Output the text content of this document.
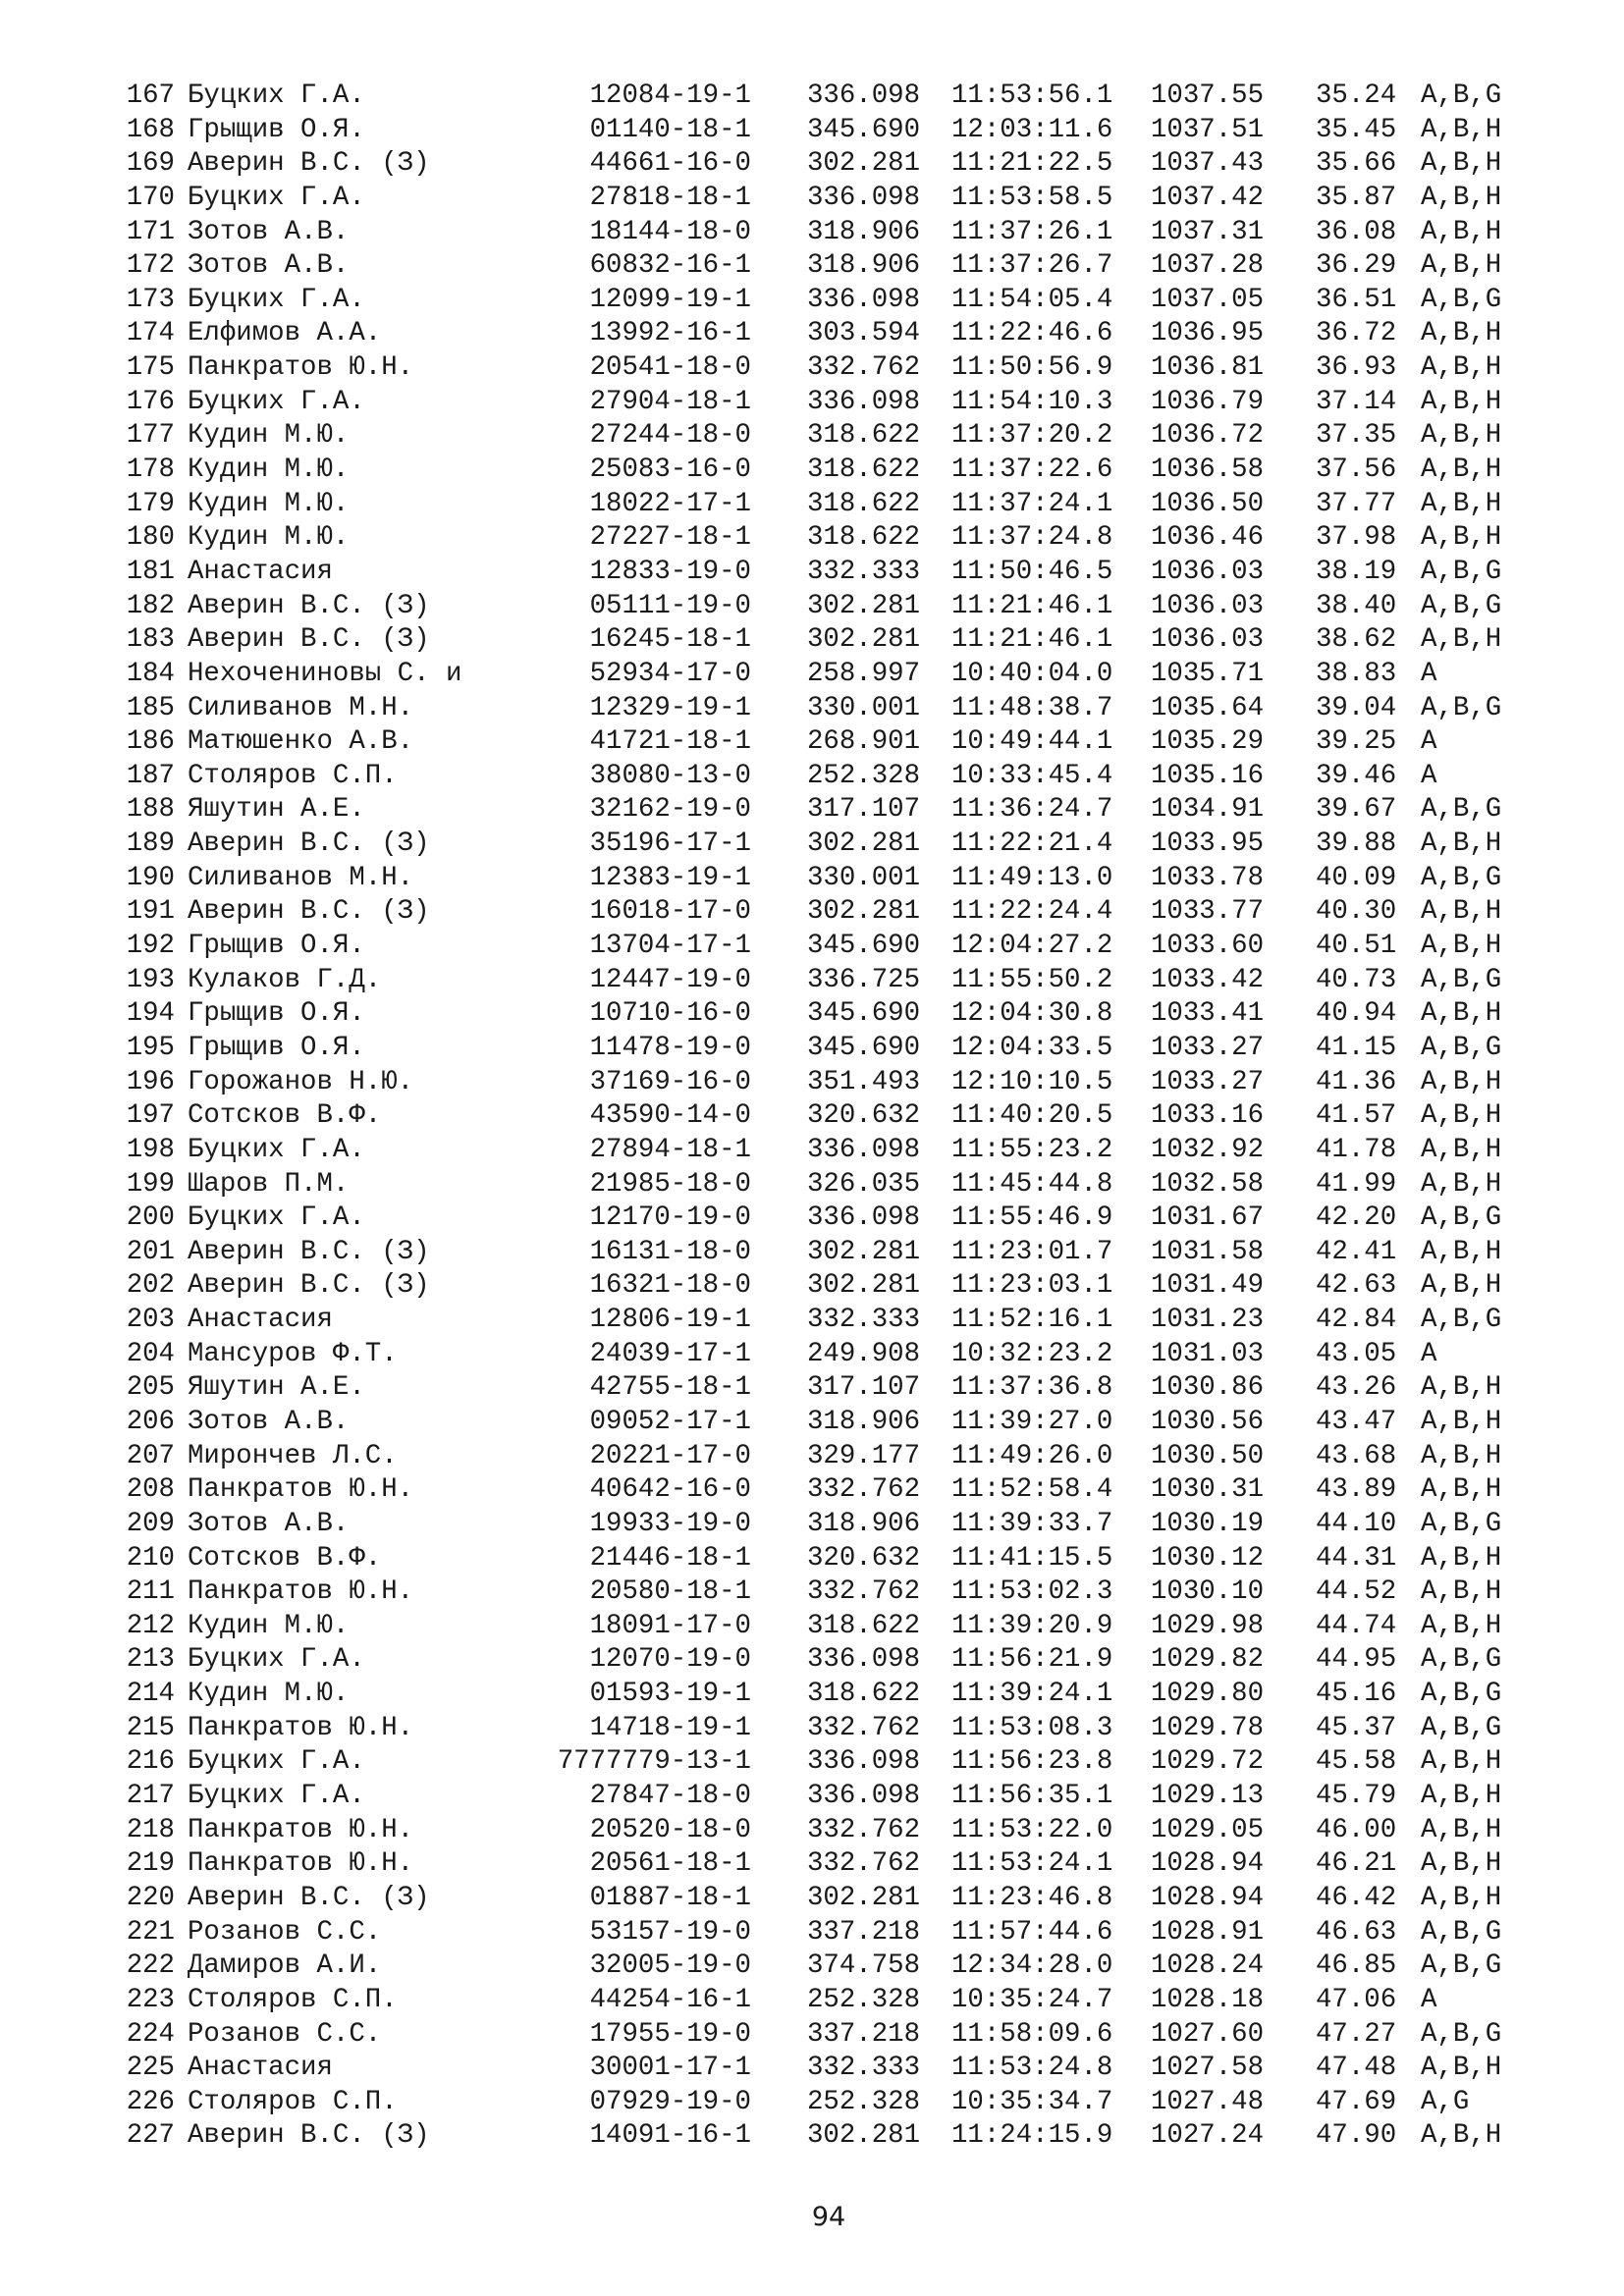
167 Буцких Г.А.	12084-19-1 336.098 11:53:56.1 1037.55 35.24 A,B,G
168 Грыщив О.Я.	01140-18-1 345.690 12:03:11.6 1037.51 35.45 A,B,H
169 Аверин В.С. (З)	44661-16-0 302.281 11:21:22.5 1037.43 35.66 A,B,H
170 Буцких Г.А.	27818-18-1 336.098 11:53:58.5 1037.42 35.87 A,B,H
171 Зотов А.В.	18144-18-0 318.906 11:37:26.1 1037.31 36.08 A,B,H
172 Зотов А.В.	60832-16-1 318.906 11:37:26.7 1037.28 36.29 A,B,H
173 Буцких Г.А.	12099-19-1 336.098 11:54:05.4 1037.05 36.51 A,B,G
174 Елфимов А.А.	13992-16-1 303.594 11:22:46.6 1036.95 36.72 A,B,H
175 Панкратов Ю.Н.	20541-18-0 332.762 11:50:56.9 1036.81 36.93 A,B,H
176 Буцких Г.А.	27904-18-1 336.098 11:54:10.3 1036.79 37.14 A,B,H
177 Кудин М.Ю.	27244-18-0 318.622 11:37:20.2 1036.72 37.35 A,B,H
178 Кудин М.Ю.	25083-16-0 318.622 11:37:22.6 1036.58 37.56 A,B,H
179 Кудин М.Ю.	18022-17-1 318.622 11:37:24.1 1036.50 37.77 A,B,H
180 Кудин М.Ю.	27227-18-1 318.622 11:37:24.8 1036.46 37.98 A,B,H
181 Анастасия	12833-19-0 332.333 11:50:46.5 1036.03 38.19 A,B,G
182 Аверин В.С. (З)	05111-19-0 302.281 11:21:46.1 1036.03 38.40 A,B,G
183 Аверин В.С. (З)	16245-18-1 302.281 11:21:46.1 1036.03 38.62 A,B,H
184 Нехочениновы С. и	52934-17-0 258.997 10:40:04.0 1035.71 38.83 A
185 Силиванов М.Н.	12329-19-1 330.001 11:48:38.7 1035.64 39.04 A,B,G
186 Матюшенко А.В.	41721-18-1 268.901 10:49:44.1 1035.29 39.25 A
187 Столяров С.П.	38080-13-0 252.328 10:33:45.4 1035.16 39.46 A
188 Яшутин А.Е.	32162-19-0 317.107 11:36:24.7 1034.91 39.67 A,B,G
189 Аверин В.С. (З)	35196-17-1 302.281 11:22:21.4 1033.95 39.88 A,B,H
190 Силиванов М.Н.	12383-19-1 330.001 11:49:13.0 1033.78 40.09 A,B,G
191 Аверин В.С. (З)	16018-17-0 302.281 11:22:24.4 1033.77 40.30 A,B,H
192 Грыщив О.Я.	13704-17-1 345.690 12:04:27.2 1033.60 40.51 A,B,H
193 Кулаков Г.Д.	12447-19-0 336.725 11:55:50.2 1033.42 40.73 A,B,G
194 Грыщив О.Я.	10710-16-0 345.690 12:04:30.8 1033.41 40.94 A,B,H
195 Грыщив О.Я.	11478-19-0 345.690 12:04:33.5 1033.27 41.15 A,B,G
196 Горожанов Н.Ю.	37169-16-0 351.493 12:10:10.5 1033.27 41.36 A,B,H
197 Сотсков В.Ф.	43590-14-0 320.632 11:40:20.5 1033.16 41.57 A,B,H
198 Буцких Г.А.	27894-18-1 336.098 11:55:23.2 1032.92 41.78 A,B,H
199 Шаров П.М.	21985-18-0 326.035 11:45:44.8 1032.58 41.99 A,B,H
200 Буцких Г.А.	12170-19-0 336.098 11:55:46.9 1031.67 42.20 A,B,G
201 Аверин В.С. (З)	16131-18-0 302.281 11:23:01.7 1031.58 42.41 A,B,H
202 Аверин В.С. (З)	16321-18-0 302.281 11:23:03.1 1031.49 42.63 A,B,H
203 Анастасия	12806-19-1 332.333 11:52:16.1 1031.23 42.84 A,B,G
204 Мансуров Ф.Т.	24039-17-1 249.908 10:32:23.2 1031.03 43.05 A
205 Яшутин А.Е.	42755-18-1 317.107 11:37:36.8 1030.86 43.26 A,B,H
206 Зотов А.В.	09052-17-1 318.906 11:39:27.0 1030.56 43.47 A,B,H
207 Мирончев Л.С.	20221-17-0 329.177 11:49:26.0 1030.50 43.68 A,B,H
208 Панкратов Ю.Н.	40642-16-0 332.762 11:52:58.4 1030.31 43.89 A,B,H
209 Зотов А.В.	19933-19-0 318.906 11:39:33.7 1030.19 44.10 A,B,G
210 Сотсков В.Ф.	21446-18-1 320.632 11:41:15.5 1030.12 44.31 A,B,H
211 Панкратов Ю.Н.	20580-18-1 332.762 11:53:02.3 1030.10 44.52 A,B,H
212 Кудин М.Ю.	18091-17-0 318.622 11:39:20.9 1029.98 44.74 A,B,H
213 Буцких Г.А.	12070-19-0 336.098 11:56:21.9 1029.82 44.95 A,B,G
214 Кудин М.Ю.	01593-19-1 318.622 11:39:24.1 1029.80 45.16 A,B,G
215 Панкратов Ю.Н.	14718-19-1 332.762 11:53:08.3 1029.78 45.37 A,B,G
216 Буцких Г.А.	7777779-13-1 336.098 11:56:23.8 1029.72 45.58 A,B,H
217 Буцких Г.А.	27847-18-0 336.098 11:56:35.1 1029.13 45.79 A,B,H
218 Панкратов Ю.Н.	20520-18-0 332.762 11:53:22.0 1029.05 46.00 A,B,H
219 Панкратов Ю.Н.	20561-18-1 332.762 11:53:24.1 1028.94 46.21 A,B,H
220 Аверин В.С. (З)	01887-18-1 302.281 11:23:46.8 1028.94 46.42 A,B,H
221 Розанов С.С.	53157-19-0 337.218 11:57:44.6 1028.91 46.63 A,B,G
222 Дамиров А.И.	32005-19-0 374.758 12:34:28.0 1028.24 46.85 A,B,G
223 Столяров С.П.	44254-16-1 252.328 10:35:24.7 1028.18 47.06 A
224 Розанов С.С.	17955-19-0 337.218 11:58:09.6 1027.60 47.27 A,B,G
225 Анастасия	30001-17-1 332.333 11:53:24.8 1027.58 47.48 A,B,H
226 Столяров С.П.	07929-19-0 252.328 10:35:34.7 1027.48 47.69 A,G
227 Аверин В.С. (З)	14091-16-1 302.281 11:24:15.9 1027.24 47.90 A,B,H
94
